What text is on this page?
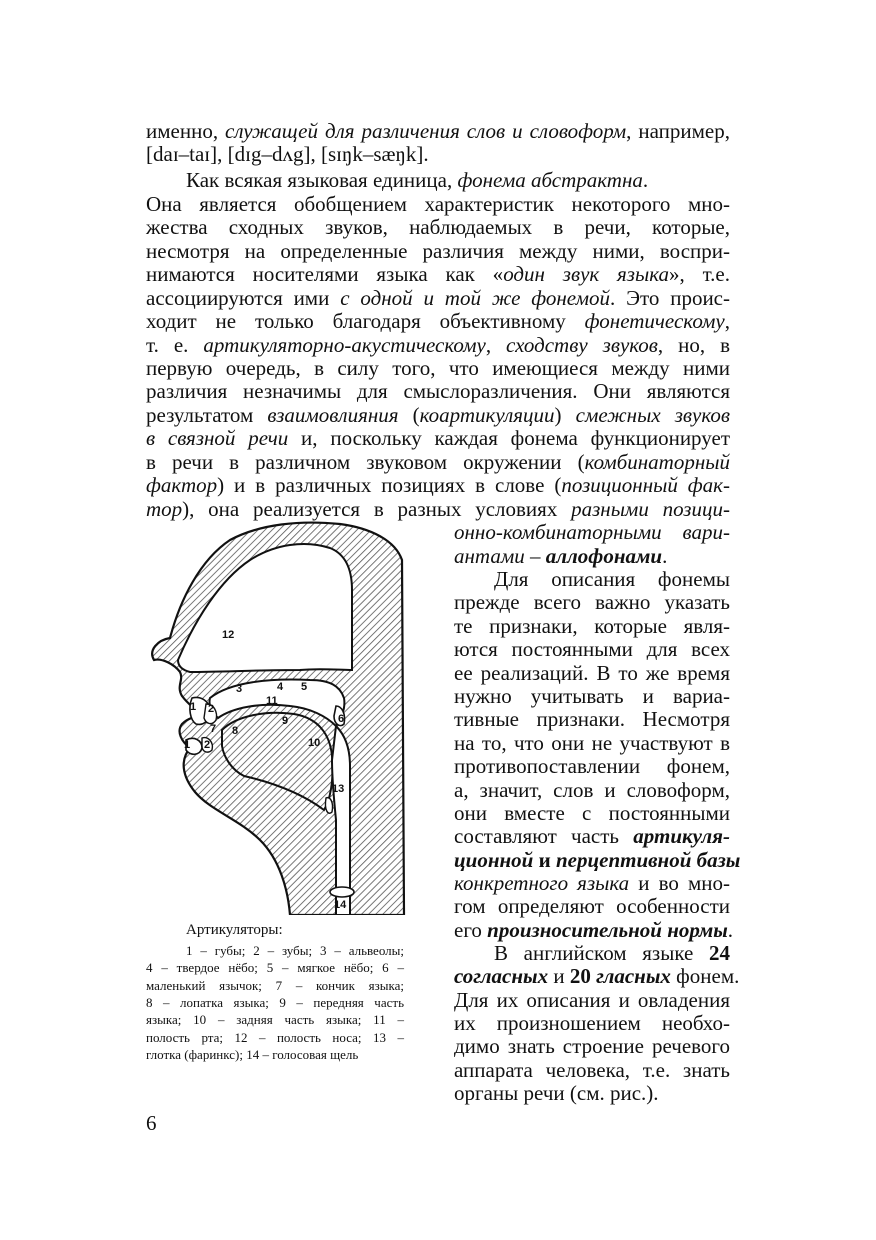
именно, служащей для различения слов и словоформ, например,
[daɪ–taɪ], [dɪg–dʌg], [sɪŋk–sæŋk].
Как всякая языковая единица, фонема абстрактна.
Она является обобщением характеристик некоторого мно-
жества сходных звуков, наблюдаемых в речи, которые,
несмотря на определенные различия между ними, воспри-
нимаются носителями языка как «один звук языка», т.е.
ассоциируются ими с одной и той же фонемой. Это проис-
ходит не только благодаря объективному фонетическому,
т. е. артикуляторно-акустическому, сходству звуков, но, в
первую очередь, в силу того, что имеющиеся между ними
различия незначимы для смыслоразличения. Они являются
результатом взаимовлияния (коартикуляции) смежных звуков
в связной речи и, поскольку каждая фонема функционирует
в речи в различном звуковом окружении (комбинаторный
фактор) и в различных позициях в слове (позиционный фак-
тор), она реализуется в разных условиях разными позици-
онно-комбинаторными вари-
антами – аллофонами.
Для описания фонемы
прежде всего важно указать
те признаки, которые явля-
ются постоянными для всех
ее реализаций. В то же время
нужно учитывать и вариа-
тивные признаки. Несмотря
на то, что они не участвуют в
противопоставлении фонем,
а, значит, слов и словоформ,
они вместе с постоянными
составляют часть артикуля-
ционной и перцептивной базы
конкретного языка и во мно-
гом определяют особенности
его произносительной нормы.
В английском языке 24
согласных и 20 гласных фонем.
Для их описания и овладения
их произношением необхо-
димо знать строение речевого
аппарата человека, т.е. знать
органы речи (см. рис.).
12
3	4 5
1 2
11
6
9
7 8
10
1 2
13
14
Артикуляторы:
1 – губы; 2 – зубы; 3 – альвеолы;
4 – твердое нёбо; 5 – мягкое нёбо; 6 –
маленький язычок; 7 – кончик языка;
8 – лопатка языка; 9 – передняя часть
языка; 10 – задняя часть языка; 11 –
полость рта; 12 – полость носа; 13 –
глотка (фаринкс); 14 – голосовая щель
6
